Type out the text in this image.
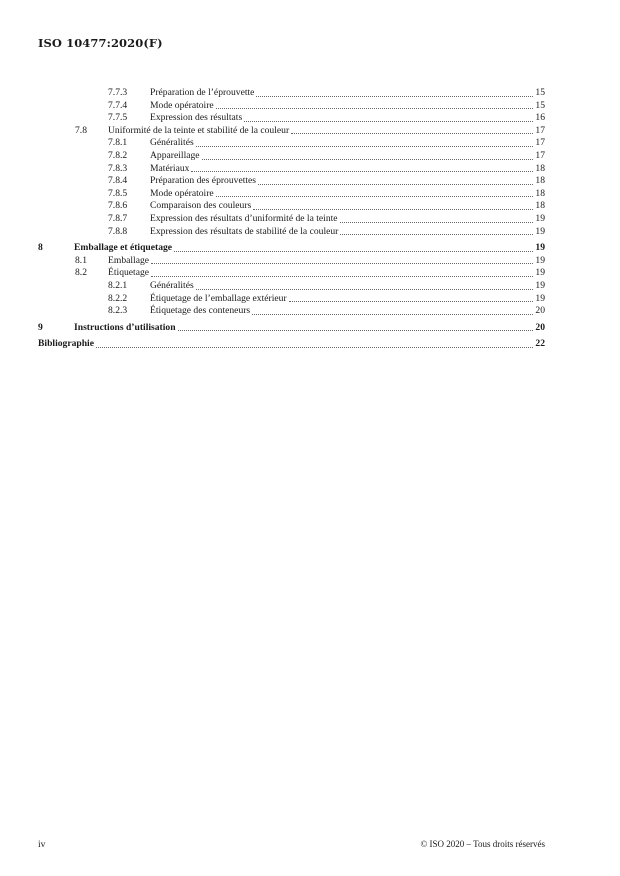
ISO 10477:2020(F)
7.7.3 Préparation de l’éprouvette	15
7.7.4 Mode opératoire	15
7.7.5 Expression des résultats	16
7.8 Uniformité de la teinte et stabilité de la couleur	17
7.8.1 Généralités	17
7.8.2 Appareillage	17
7.8.3 Matériaux	18
7.8.4 Préparation des éprouvettes	18
7.8.5 Mode opératoire	18
7.8.6 Comparaison des couleurs	18
7.8.7 Expression des résultats d’uniformité de la teinte	19
7.8.8 Expression des résultats de stabilité de la couleur	19
8	Emballage et étiquetage	19
8.1 Emballage	19
8.2 Étiquetage	19
8.2.1 Généralités	19
8.2.2 Étiquetage de l’emballage extérieur	19
8.2.3 Étiquetage des conteneurs	20
9	Instructions d’utilisation	20
Bibliographie	22
iv	© ISO 2020 – Tous droits réservés
